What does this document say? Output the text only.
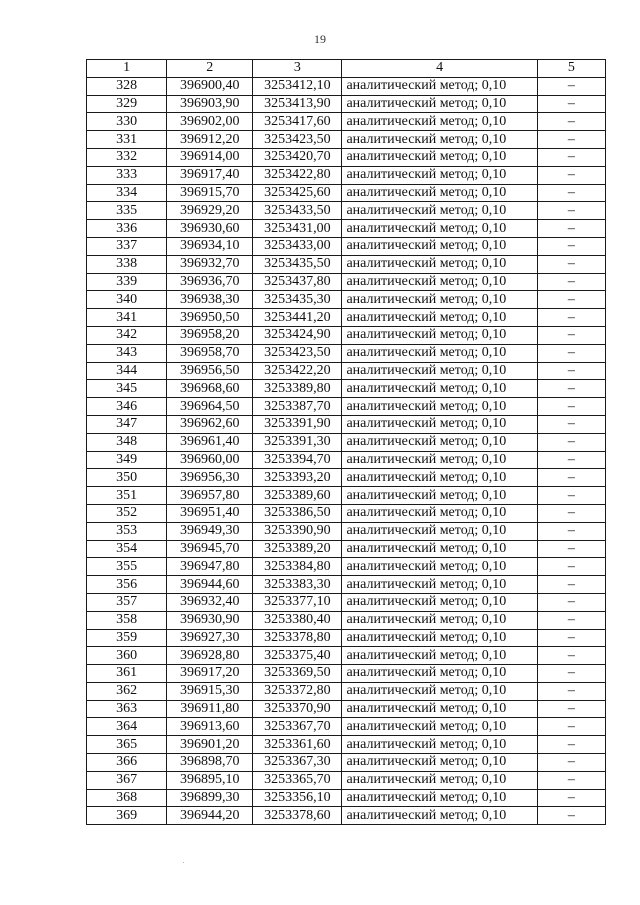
19
1	2	3	4	5
328	396900,40	3253412,10	аналитический метод; 0,10	–
329	396903,90	3253413,90	аналитический метод; 0,10	–
330	396902,00	3253417,60	аналитический метод; 0,10	–
331	396912,20	3253423,50	аналитический метод; 0,10	–
332	396914,00	3253420,70	аналитический метод; 0,10	–
333	396917,40	3253422,80	аналитический метод; 0,10	–
334	396915,70	3253425,60	аналитический метод; 0,10	–
335	396929,20	3253433,50	аналитический метод; 0,10	–
336	396930,60	3253431,00	аналитический метод; 0,10	–
337	396934,10	3253433,00	аналитический метод; 0,10	–
338	396932,70	3253435,50	аналитический метод; 0,10	–
339	396936,70	3253437,80	аналитический метод; 0,10	–
340	396938,30	3253435,30	аналитический метод; 0,10	–
341	396950,50	3253441,20	аналитический метод; 0,10	–
342	396958,20	3253424,90	аналитический метод; 0,10	–
343	396958,70	3253423,50	аналитический метод; 0,10	–
344	396956,50	3253422,20	аналитический метод; 0,10	–
345	396968,60	3253389,80	аналитический метод; 0,10	–
346	396964,50	3253387,70	аналитический метод; 0,10	–
347	396962,60	3253391,90	аналитический метод; 0,10	–
348	396961,40	3253391,30	аналитический метод; 0,10	–
349	396960,00	3253394,70	аналитический метод; 0,10	–
350	396956,30	3253393,20	аналитический метод; 0,10	–
351	396957,80	3253389,60	аналитический метод; 0,10	–
352	396951,40	3253386,50	аналитический метод; 0,10	–
353	396949,30	3253390,90	аналитический метод; 0,10	–
354	396945,70	3253389,20	аналитический метод; 0,10	–
355	396947,80	3253384,80	аналитический метод; 0,10	–
356	396944,60	3253383,30	аналитический метод; 0,10	–
357	396932,40	3253377,10	аналитический метод; 0,10	–
358	396930,90	3253380,40	аналитический метод; 0,10	–
359	396927,30	3253378,80	аналитический метод; 0,10	–
360	396928,80	3253375,40	аналитический метод; 0,10	–
361	396917,20	3253369,50	аналитический метод; 0,10	–
362	396915,30	3253372,80	аналитический метод; 0,10	–
363	396911,80	3253370,90	аналитический метод; 0,10	–
364	396913,60	3253367,70	аналитический метод; 0,10	–
365	396901,20	3253361,60	аналитический метод; 0,10	–
366	396898,70	3253367,30	аналитический метод; 0,10	–
367	396895,10	3253365,70	аналитический метод; 0,10	–
368	396899,30	3253356,10	аналитический метод; 0,10	–
369	396944,20	3253378,60	аналитический метод; 0,10	–
